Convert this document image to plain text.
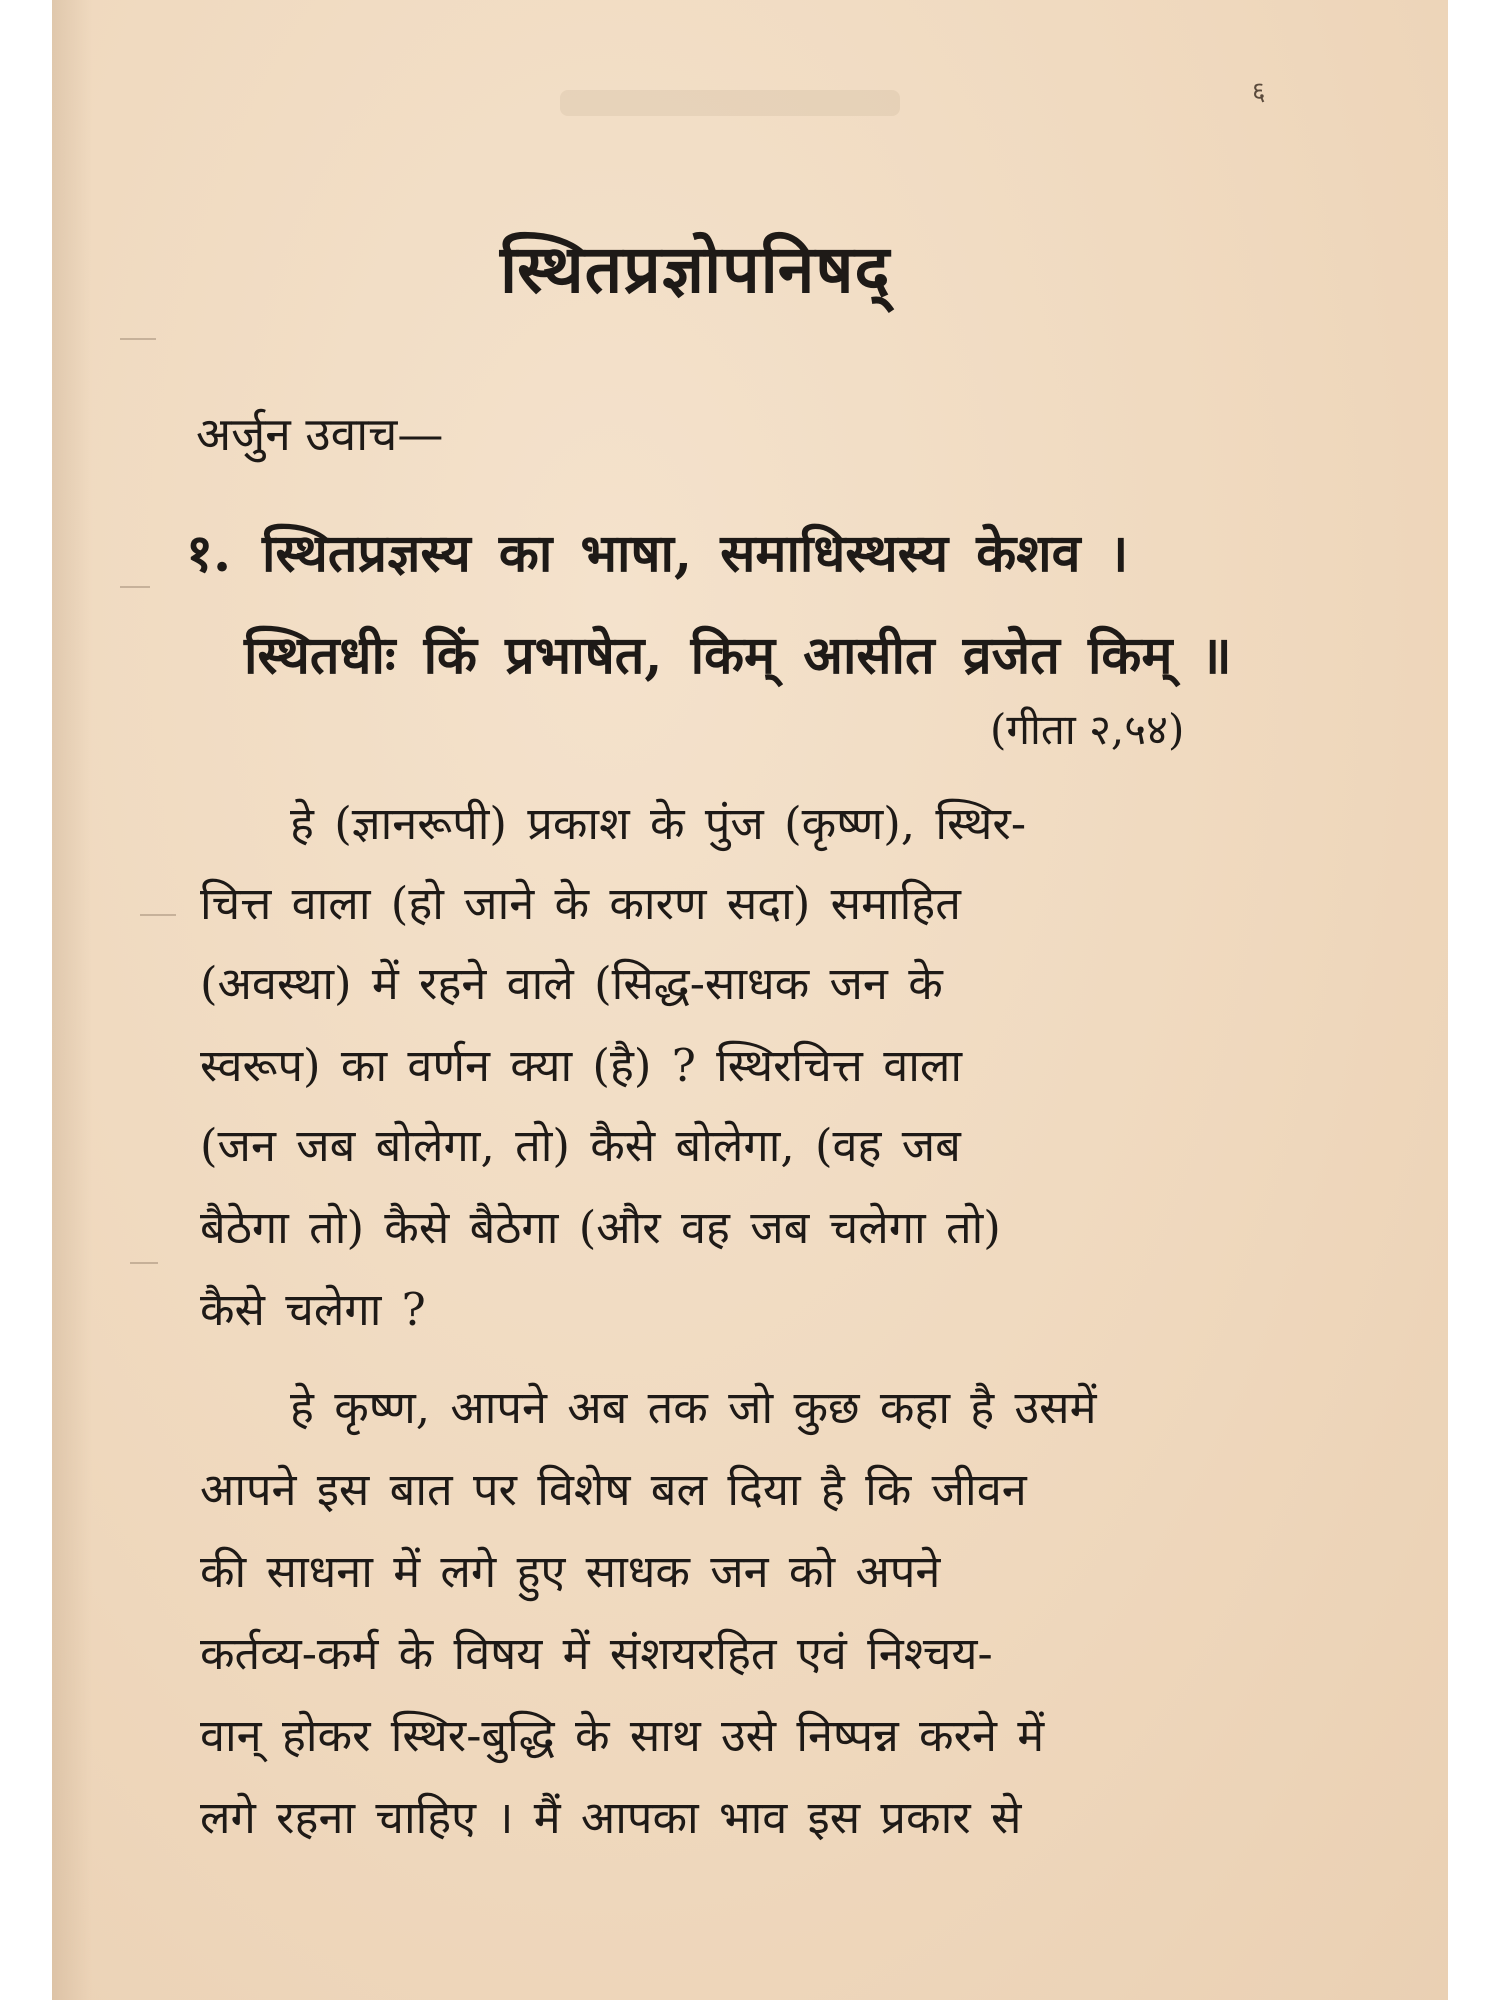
६
स्थितप्रज्ञोपनिषद्
अर्जुन उवाच—
१. स्थितप्रज्ञस्य का भाषा, समाधिस्थस्य केशव ।
स्थितधीः किं प्रभाषेत, किम् आसीत व्रजेत किम् ॥
(गीता २,५४)
हे (ज्ञानरूपी) प्रकाश के पुंज (कृष्ण), स्थिर-
चित्त वाला (हो जाने के कारण सदा) समाहित
(अवस्था) में रहने वाले (सिद्ध-साधक जन के
स्वरूप) का वर्णन क्या (है) ? स्थिरचित्त वाला
(जन जब बोलेगा, तो) कैसे बोलेगा, (वह जब
बैठेगा तो) कैसे बैठेगा (और वह जब चलेगा तो)
कैसे चलेगा ?
हे कृष्ण, आपने अब तक जो कुछ कहा है उसमें
आपने इस बात पर विशेष बल दिया है कि जीवन
की साधना में लगे हुए साधक जन को अपने
कर्तव्य-कर्म के विषय में संशयरहित एवं निश्चय-
वान् होकर स्थिर-बुद्धि के साथ उसे निष्पन्न करने में
लगे रहना चाहिए । मैं आपका भाव इस प्रकार से
